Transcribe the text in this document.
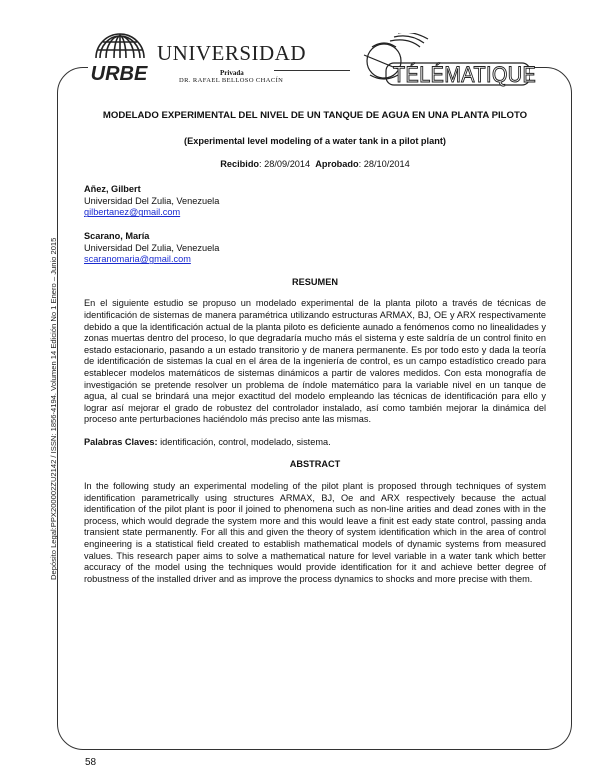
URBE
UNIVERSIDAD
Privada
DR. RAFAEL BELLOSO CHACÍN	TÉLÉMATIQUE
Depósito Legal:PPX200002ZU2142 / ISSN: 1856-4194. Volumen 14 Edición No 1 Enero – Junio 2015
MODELADO EXPERIMENTAL DEL NIVEL DE UN TANQUE DE AGUA EN UNA PLANTA PILOTO
(Experimental level modeling of a water tank in a pilot plant)
Recibido: 28/09/2014 Aprobado: 28/10/2014
Añez, Gilbert
Universidad Del Zulia, Venezuela
gilbertanez@gmail.com
Scarano, María
Universidad Del Zulia, Venezuela
scaranomaria@gmail.com
RESUMEN
En el siguiente estudio se propuso un modelado experimental de la planta piloto a través de técnicas de identificación de sistemas de manera paramétrica utilizando estructuras ARMAX, BJ, OE y ARX respectivamente debido a que la identificación actual de la planta piloto es deficiente aunado a fenómenos como no linealidades y zonas muertas dentro del proceso, lo que degradaría mucho más el sistema y este saldría de un control finito en estado estacionario, pasando a un estado transitorio y de manera permanente. Es por todo esto y dada la teoría de identificación de sistemas la cual en el área de la ingeniería de control, es un campo estadístico creado para establecer modelos matemáticos de sistemas dinámicos a partir de valores medidos. Con esta monografía de investigación se pretende resolver un problema de índole matemático para la variable nivel en un tanque de agua, al cual se brindará una mejor exactitud del modelo empleando las técnicas de identificación para ello y lograr así mejorar el grado de robustez del controlador instalado, así como también mejorar la dinámica del proceso ante perturbaciones haciéndolo más preciso ante las mismas.
Palabras Claves: identificación, control, modelado, sistema.
ABSTRACT
In the following study an experimental modeling of the pilot plant is proposed through techniques of system identification parametrically using structures ARMAX, BJ, Oe and ARX respectively because the actual identification of the pilot plant is poor il joined to phenomena such as non-line arities and dead zones with in the process, which would degrade the system more and this would leave a finit est eady state control, passing anda transient state permanently. For all this and given the theory of system identification which in the area of control engineering is a statistical field created to establish mathematical models of dynamic systems from measured values. This research paper aims to solve a mathematical nature for level variable in a water tank which better accuracy of the model using the techniques would provide identification for it and achieve better degree of robustness of the installed driver and as improve the process dynamics to shocks and more precise with them.
58
